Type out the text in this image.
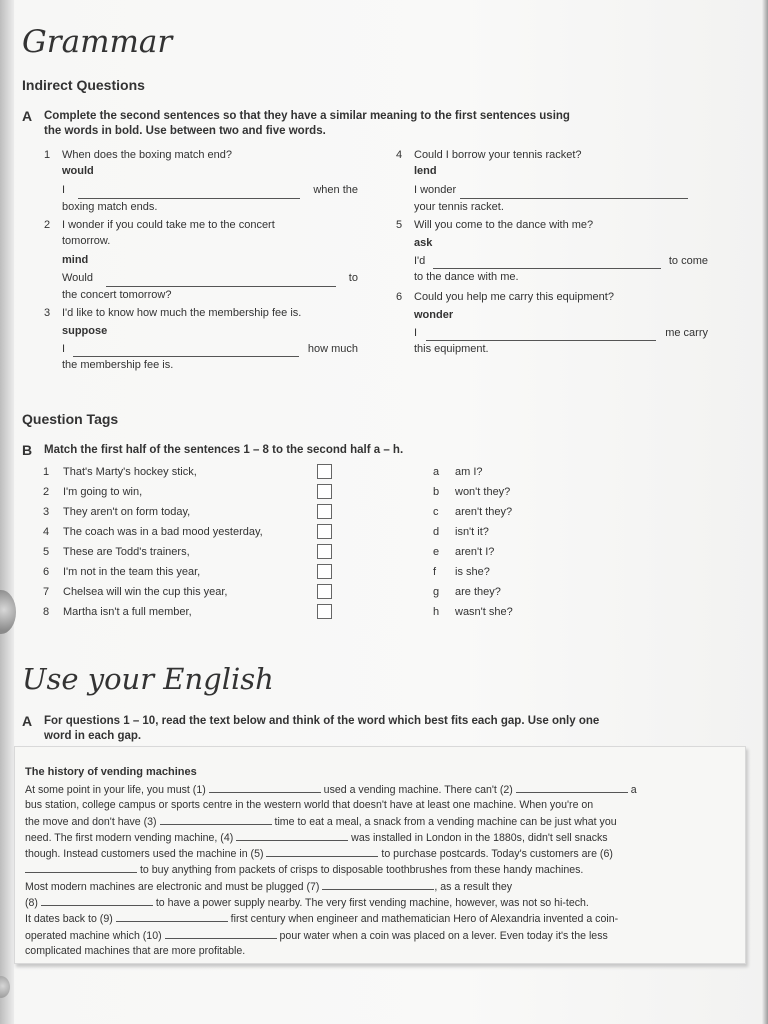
Grammar
Indirect Questions
A Complete the second sentences so that they have a similar meaning to the first sentences using
the words in bold. Use between two and five words.
1 When does the boxing match end?
would
I	when the
boxing match ends.
2 I wonder if you could take me to the concert
tomorrow.
mind
Would	to
the concert tomorrow?
3 I'd like to know how much the membership fee is.
suppose
I	how much
the membership fee is.
4 Could I borrow your tennis racket?
lend
I wonder
your tennis racket.
5 Will you come to the dance with me?
ask
I'd	to come
to the dance with me.
6 Could you help me carry this equipment?
wonder
I	me carry
this equipment.
Question Tags
B Match the first half of the sentences 1 – 8 to the second half a – h.
1 That's Marty's hockey stick,	a am I?
2 I'm going to win,	b won't they?
3 They aren't on form today,	c aren't they?
4 The coach was in a bad mood yesterday,	d isn't it?
5 These are Todd's trainers,	e aren't I?
6 I'm not in the team this year,	f is she?
7 Chelsea will win the cup this year,	g are they?
8 Martha isn't a full member,	h wasn't she?
Use your English
A For questions 1 – 10, read the text below and think of the word which best fits each gap. Use only one
word in each gap.
The history of vending machines
At some point in your life, you must (1)	used a vending machine. There can't (2)	a
bus station, college campus or sports centre in the western world that doesn't have at least one machine. When you're on
the move and don't have (3)	time to eat a meal, a snack from a vending machine can be just what you
need. The first modern vending machine, (4)	was installed in London in the 1880s, didn't sell snacks
though. Instead customers used the machine in (5)	to purchase postcards. Today's customers are (6)
to buy anything from packets of crisps to disposable toothbrushes from these handy machines.
Most modern machines are electronic and must be plugged (7)	, as a result they
(8)	to have a power supply nearby. The very first vending machine, however, was not so hi-tech.
It dates back to (9)	first century when engineer and mathematician Hero of Alexandria invented a coin-
operated machine which (10)	pour water when a coin was placed on a lever. Even today it's the less
complicated machines that are more profitable.
